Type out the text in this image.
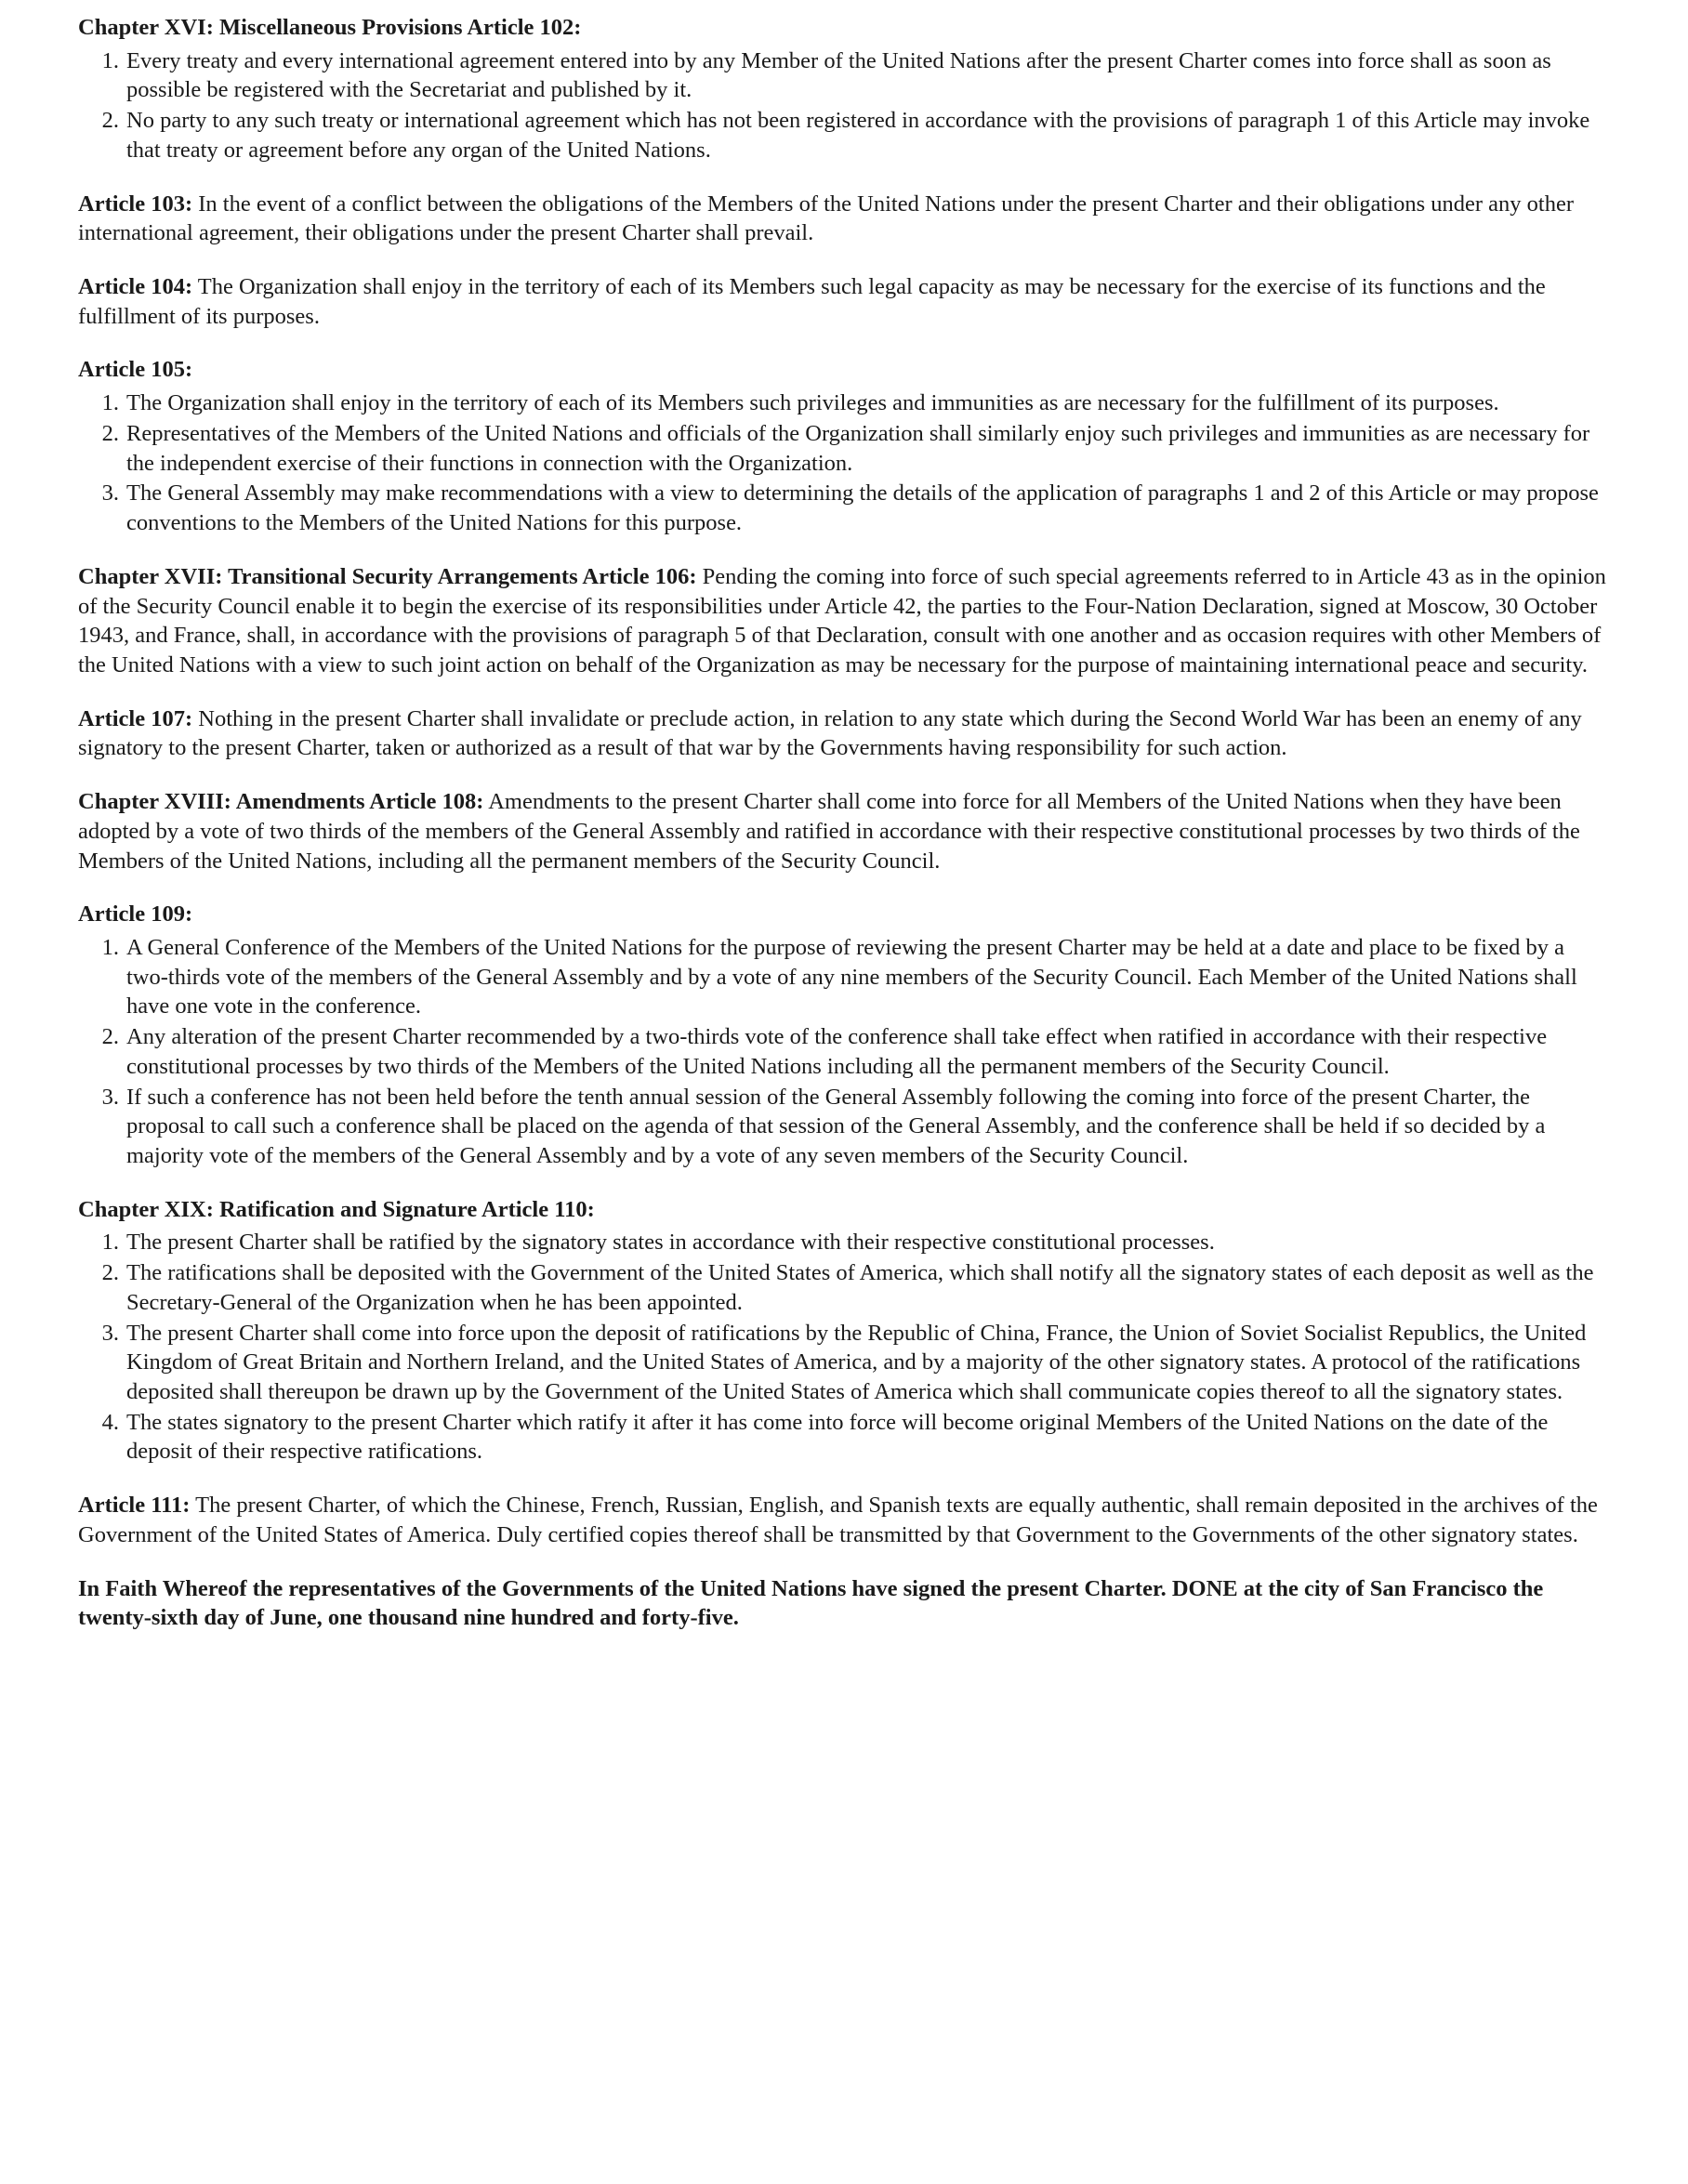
Chapter XVI: Miscellaneous Provisions Article 102:
Every treaty and every international agreement entered into by any Member of the United Nations after the present Charter comes into force shall as soon as possible be registered with the Secretariat and published by it.
No party to any such treaty or international agreement which has not been registered in accordance with the provisions of paragraph 1 of this Article may invoke that treaty or agreement before any organ of the United Nations.

Article 103: In the event of a conflict between the obligations of the Members of the United Nations under the present Charter and their obligations under any other international agreement, their obligations under the present Charter shall prevail.

Article 104: The Organization shall enjoy in the territory of each of its Members such legal capacity as may be necessary for the exercise of its functions and the fulfillment of its purposes.

Article 105:
The Organization shall enjoy in the territory of each of its Members such privileges and immunities as are necessary for the fulfillment of its purposes.
Representatives of the Members of the United Nations and officials of the Organization shall similarly enjoy such privileges and immunities as are necessary for the independent exercise of their functions in connection with the Organization.
The General Assembly may make recommendations with a view to determining the details of the application of paragraphs 1 and 2 of this Article or may propose conventions to the Members of the United Nations for this purpose.

Chapter XVII: Transitional Security Arrangements Article 106: Pending the coming into force of such special agreements referred to in Article 43 as in the opinion of the Security Council enable it to begin the exercise of its responsibilities under Article 42, the parties to the Four-Nation Declaration, signed at Moscow, 30 October 1943, and France, shall, in accordance with the provisions of paragraph 5 of that Declaration, consult with one another and as occasion requires with other Members of the United Nations with a view to such joint action on behalf of the Organization as may be necessary for the purpose of maintaining international peace and security.

Article 107: Nothing in the present Charter shall invalidate or preclude action, in relation to any state which during the Second World War has been an enemy of any signatory to the present Charter, taken or authorized as a result of that war by the Governments having responsibility for such action.

Chapter XVIII: Amendments Article 108: Amendments to the present Charter shall come into force for all Members of the United Nations when they have been adopted by a vote of two thirds of the members of the General Assembly and ratified in accordance with their respective constitutional processes by two thirds of the Members of the United Nations, including all the permanent members of the Security Council.

Article 109:
A General Conference of the Members of the United Nations for the purpose of reviewing the present Charter may be held at a date and place to be fixed by a two-thirds vote of the members of the General Assembly and by a vote of any nine members of the Security Council. Each Member of the United Nations shall have one vote in the conference.
Any alteration of the present Charter recommended by a two-thirds vote of the conference shall take effect when ratified in accordance with their respective constitutional processes by two thirds of the Members of the United Nations including all the permanent members of the Security Council.
If such a conference has not been held before the tenth annual session of the General Assembly following the coming into force of the present Charter, the proposal to call such a conference shall be placed on the agenda of that session of the General Assembly, and the conference shall be held if so decided by a majority vote of the members of the General Assembly and by a vote of any seven members of the Security Council.
Chapter XIX: Ratification and Signature Article 110:
The present Charter shall be ratified by the signatory states in accordance with their respective constitutional processes.
The ratifications shall be deposited with the Government of the United States of America, which shall notify all the signatory states of each deposit as well as the Secretary-General of the Organization when he has been appointed.
The present Charter shall come into force upon the deposit of ratifications by the Republic of China, France, the Union of Soviet Socialist Republics, the United Kingdom of Great Britain and Northern Ireland, and the United States of America, and by a majority of the other signatory states. A protocol of the ratifications deposited shall thereupon be drawn up by the Government of the United States of America which shall communicate copies thereof to all the signatory states.
The states signatory to the present Charter which ratify it after it has come into force will become original Members of the United Nations on the date of the deposit of their respective ratifications.

Article 111: The present Charter, of which the Chinese, French, Russian, English, and Spanish texts are equally authentic, shall remain deposited in the archives of the Government of the United States of America. Duly certified copies thereof shall be transmitted by that Government to the Governments of the other signatory states.

In Faith Whereof the representatives of the Governments of the United Nations have signed the present Charter. DONE at the city of San Francisco the twenty-sixth day of June, one thousand nine hundred and forty-five.
